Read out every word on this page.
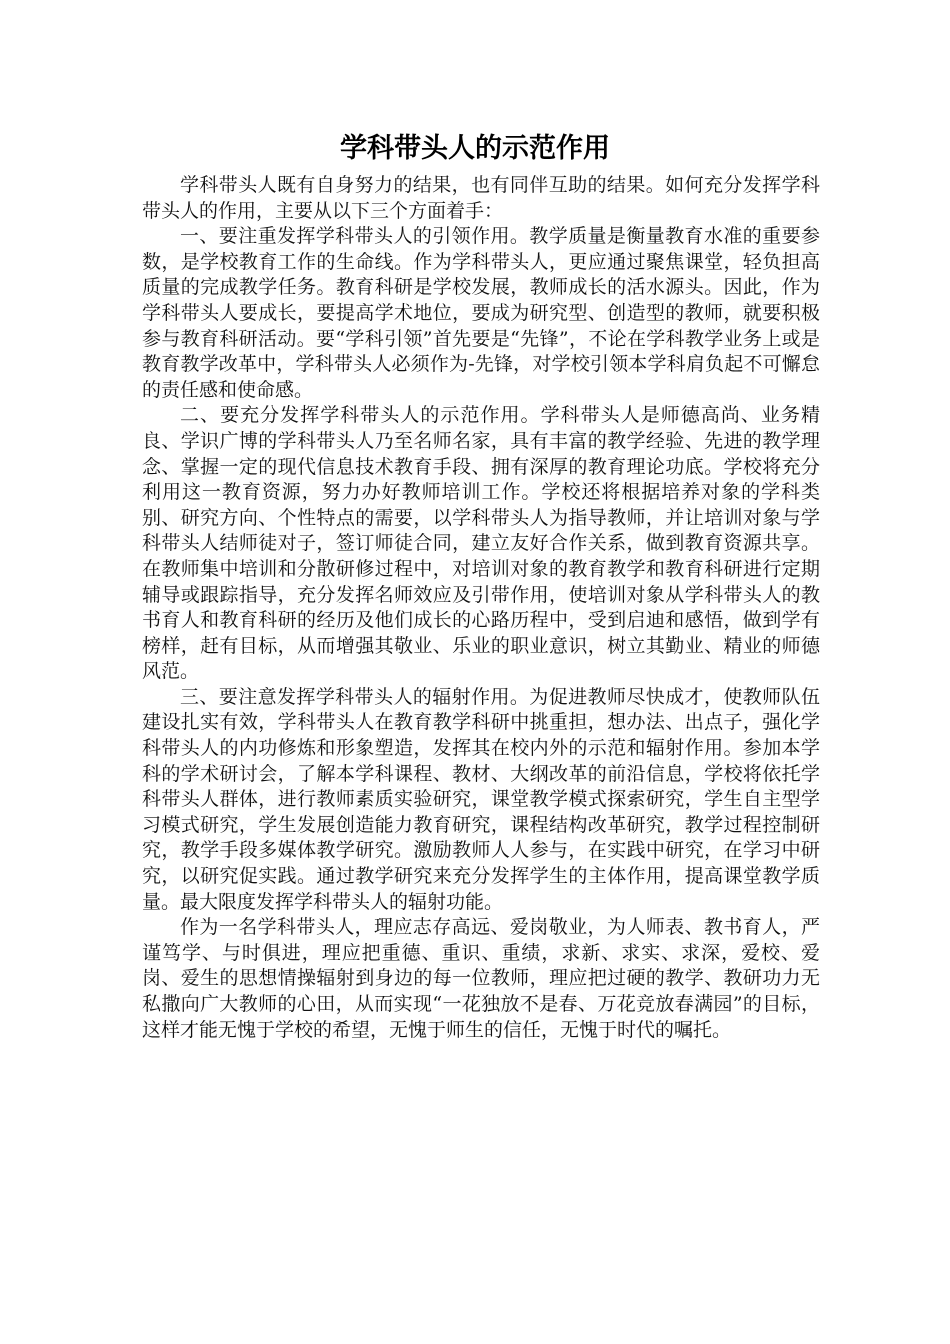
学科带头人的示范作用

学科带头人既有自身努力的结果，也有同伴互助的结果。如何充分发挥学科带头人的作用，主要从以下三个方面着手：

一、要注重发挥学科带头人的引领作用。教学质量是衡量教育水准的重要参数，是学校教育工作的生命线。作为学科带头人，更应通过聚焦课堂，轻负担高质量的完成教学任务。教育科研是学校发展，教师成长的活水源头。因此，作为学科带头人要成长，要提高学术地位，要成为研究型、创造型的教师，就要积极参与教育科研活动。要“学科引领”首先要是“先锋”，不论在学科教学业务上或是教育教学改革中，学科带头人必须作为-先锋，对学校引领本学科肩负起不可懈怠的责任感和使命感。

二、要充分发挥学科带头人的示范作用。学科带头人是师德高尚、业务精良、学识广博的学科带头人乃至名师名家，具有丰富的教学经验、先进的教学理念、掌握一定的现代信息技术教育手段、拥有深厚的教育理论功底。学校将充分利用这一教育资源，努力办好教师培训工作。学校还将根据培养对象的学科类别、研究方向、个性特点的需要，以学科带头人为指导教师，并让培训对象与学科带头人结师徒对子，签订师徒合同，建立友好合作关系，做到教育资源共享。在教师集中培训和分散研修过程中，对培训对象的教育教学和教育科研进行定期辅导或跟踪指导，充分发挥名师效应及引带作用，使培训对象从学科带头人的教书育人和教育科研的经历及他们成长的心路历程中，受到启迪和感悟，做到学有榜样，赶有目标，从而增强其敬业、乐业的职业意识，树立其勤业、精业的师德风范。

三、要注意发挥学科带头人的辐射作用。为促进教师尽快成才，使教师队伍建设扎实有效，学科带头人在教育教学科研中挑重担，想办法、出点子，强化学科带头人的内功修炼和形象塑造，发挥其在校内外的示范和辐射作用。参加本学科的学术研讨会，了解本学科课程、教材、大纲改革的前沿信息，学校将依托学科带头人群体，进行教师素质实验研究，课堂教学模式探索研究，学生自主型学习模式研究，学生发展创造能力教育研究，课程结构改革研究，教学过程控制研究，教学手段多媒体教学研究。激励教师人人参与，在实践中研究，在学习中研究，以研究促实践。通过教学研究来充分发挥学生的主体作用，提高课堂教学质量。最大限度发挥学科带头人的辐射功能。

作为一名学科带头人，理应志存高远、爱岗敬业，为人师表、教书育人，严谨笃学、与时俱进，理应把重德、重识、重绩，求新、求实、求深，爱校、爱岗、爱生的思想情操辐射到身边的每一位教师，理应把过硬的教学、教研功力无私撒向广大教师的心田，从而实现“一花独放不是春、万花竞放春满园”的目标，这样才能无愧于学校的希望，无愧于师生的信任，无愧于时代的嘱托。
